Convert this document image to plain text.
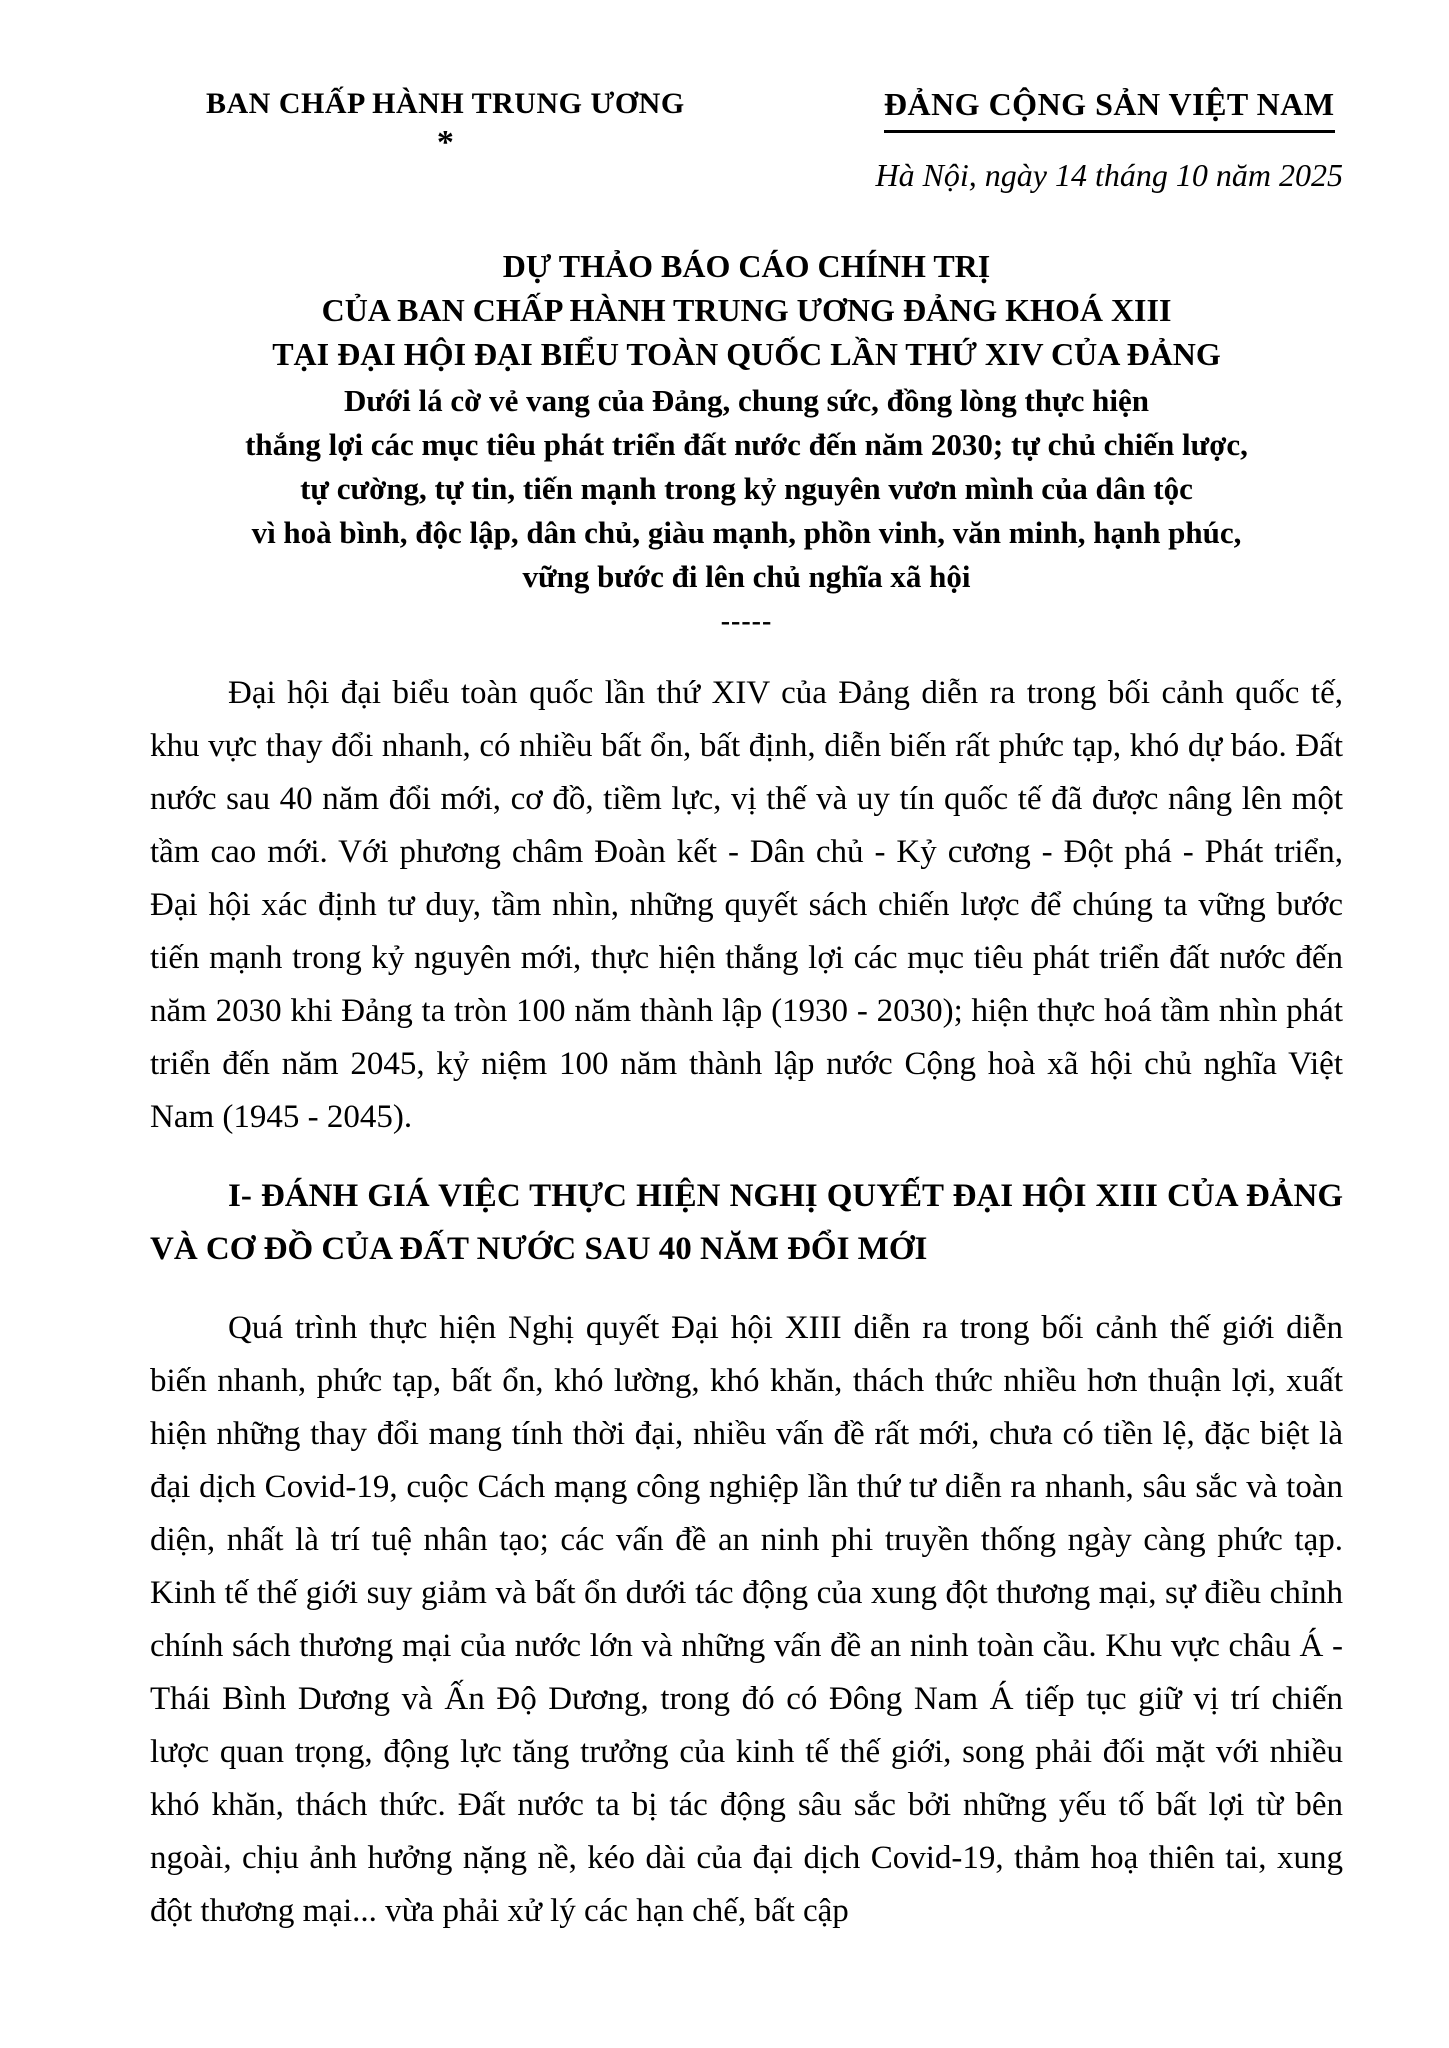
BAN CHẤP HÀNH TRUNG ƯƠNG
*
ĐẢNG CỘNG SẢN VIỆT NAM
Hà Nội, ngày 14 tháng 10 năm 2025
DỰ THẢO BÁO CÁO CHÍNH TRỊ
CỦA BAN CHẤP HÀNH TRUNG ƯƠNG ĐẢNG KHOÁ XIII
TẠI ĐẠI HỘI ĐẠI BIỂU TOÀN QUỐC LẦN THỨ XIV CỦA ĐẢNG
Dưới lá cờ vẻ vang của Đảng, chung sức, đồng lòng thực hiện
thắng lợi các mục tiêu phát triển đất nước đến năm 2030; tự chủ chiến lược,
tự cường, tự tin, tiến mạnh trong kỷ nguyên vươn mình của dân tộc
vì hoà bình, độc lập, dân chủ, giàu mạnh, phồn vinh, văn minh, hạnh phúc,
vững bước đi lên chủ nghĩa xã hội
-----

Đại hội đại biểu toàn quốc lần thứ XIV của Đảng diễn ra trong bối cảnh quốc tế, khu vực thay đổi nhanh, có nhiều bất ổn, bất định, diễn biến rất phức tạp, khó dự báo. Đất nước sau 40 năm đổi mới, cơ đồ, tiềm lực, vị thế và uy tín quốc tế đã được nâng lên một tầm cao mới. Với phương châm Đoàn kết - Dân chủ - Kỷ cương - Đột phá - Phát triển, Đại hội xác định tư duy, tầm nhìn, những quyết sách chiến lược để chúng ta vững bước tiến mạnh trong kỷ nguyên mới, thực hiện thắng lợi các mục tiêu phát triển đất nước đến năm 2030 khi Đảng ta tròn 100 năm thành lập (1930 - 2030); hiện thực hoá tầm nhìn phát triển đến năm 2045, kỷ niệm 100 năm thành lập nước Cộng hoà xã hội chủ nghĩa Việt Nam (1945 - 2045).

I- ĐÁNH GIÁ VIỆC THỰC HIỆN NGHỊ QUYẾT ĐẠI HỘI XIII CỦA ĐẢNG VÀ CƠ ĐỒ CỦA ĐẤT NƯỚC SAU 40 NĂM ĐỔI MỚI

Quá trình thực hiện Nghị quyết Đại hội XIII diễn ra trong bối cảnh thế giới diễn biến nhanh, phức tạp, bất ổn, khó lường, khó khăn, thách thức nhiều hơn thuận lợi, xuất hiện những thay đổi mang tính thời đại, nhiều vấn đề rất mới, chưa có tiền lệ, đặc biệt là đại dịch Covid-19, cuộc Cách mạng công nghiệp lần thứ tư diễn ra nhanh, sâu sắc và toàn diện, nhất là trí tuệ nhân tạo; các vấn đề an ninh phi truyền thống ngày càng phức tạp. Kinh tế thế giới suy giảm và bất ổn dưới tác động của xung đột thương mại, sự điều chỉnh chính sách thương mại của nước lớn và những vấn đề an ninh toàn cầu. Khu vực châu Á - Thái Bình Dương và Ấn Độ Dương, trong đó có Đông Nam Á tiếp tục giữ vị trí chiến lược quan trọng, động lực tăng trưởng của kinh tế thế giới, song phải đối mặt với nhiều khó khăn, thách thức. Đất nước ta bị tác động sâu sắc bởi những yếu tố bất lợi từ bên ngoài, chịu ảnh hưởng nặng nề, kéo dài của đại dịch Covid-19, thảm hoạ thiên tai, xung đột thương mại... vừa phải xử lý các hạn chế, bất cập
